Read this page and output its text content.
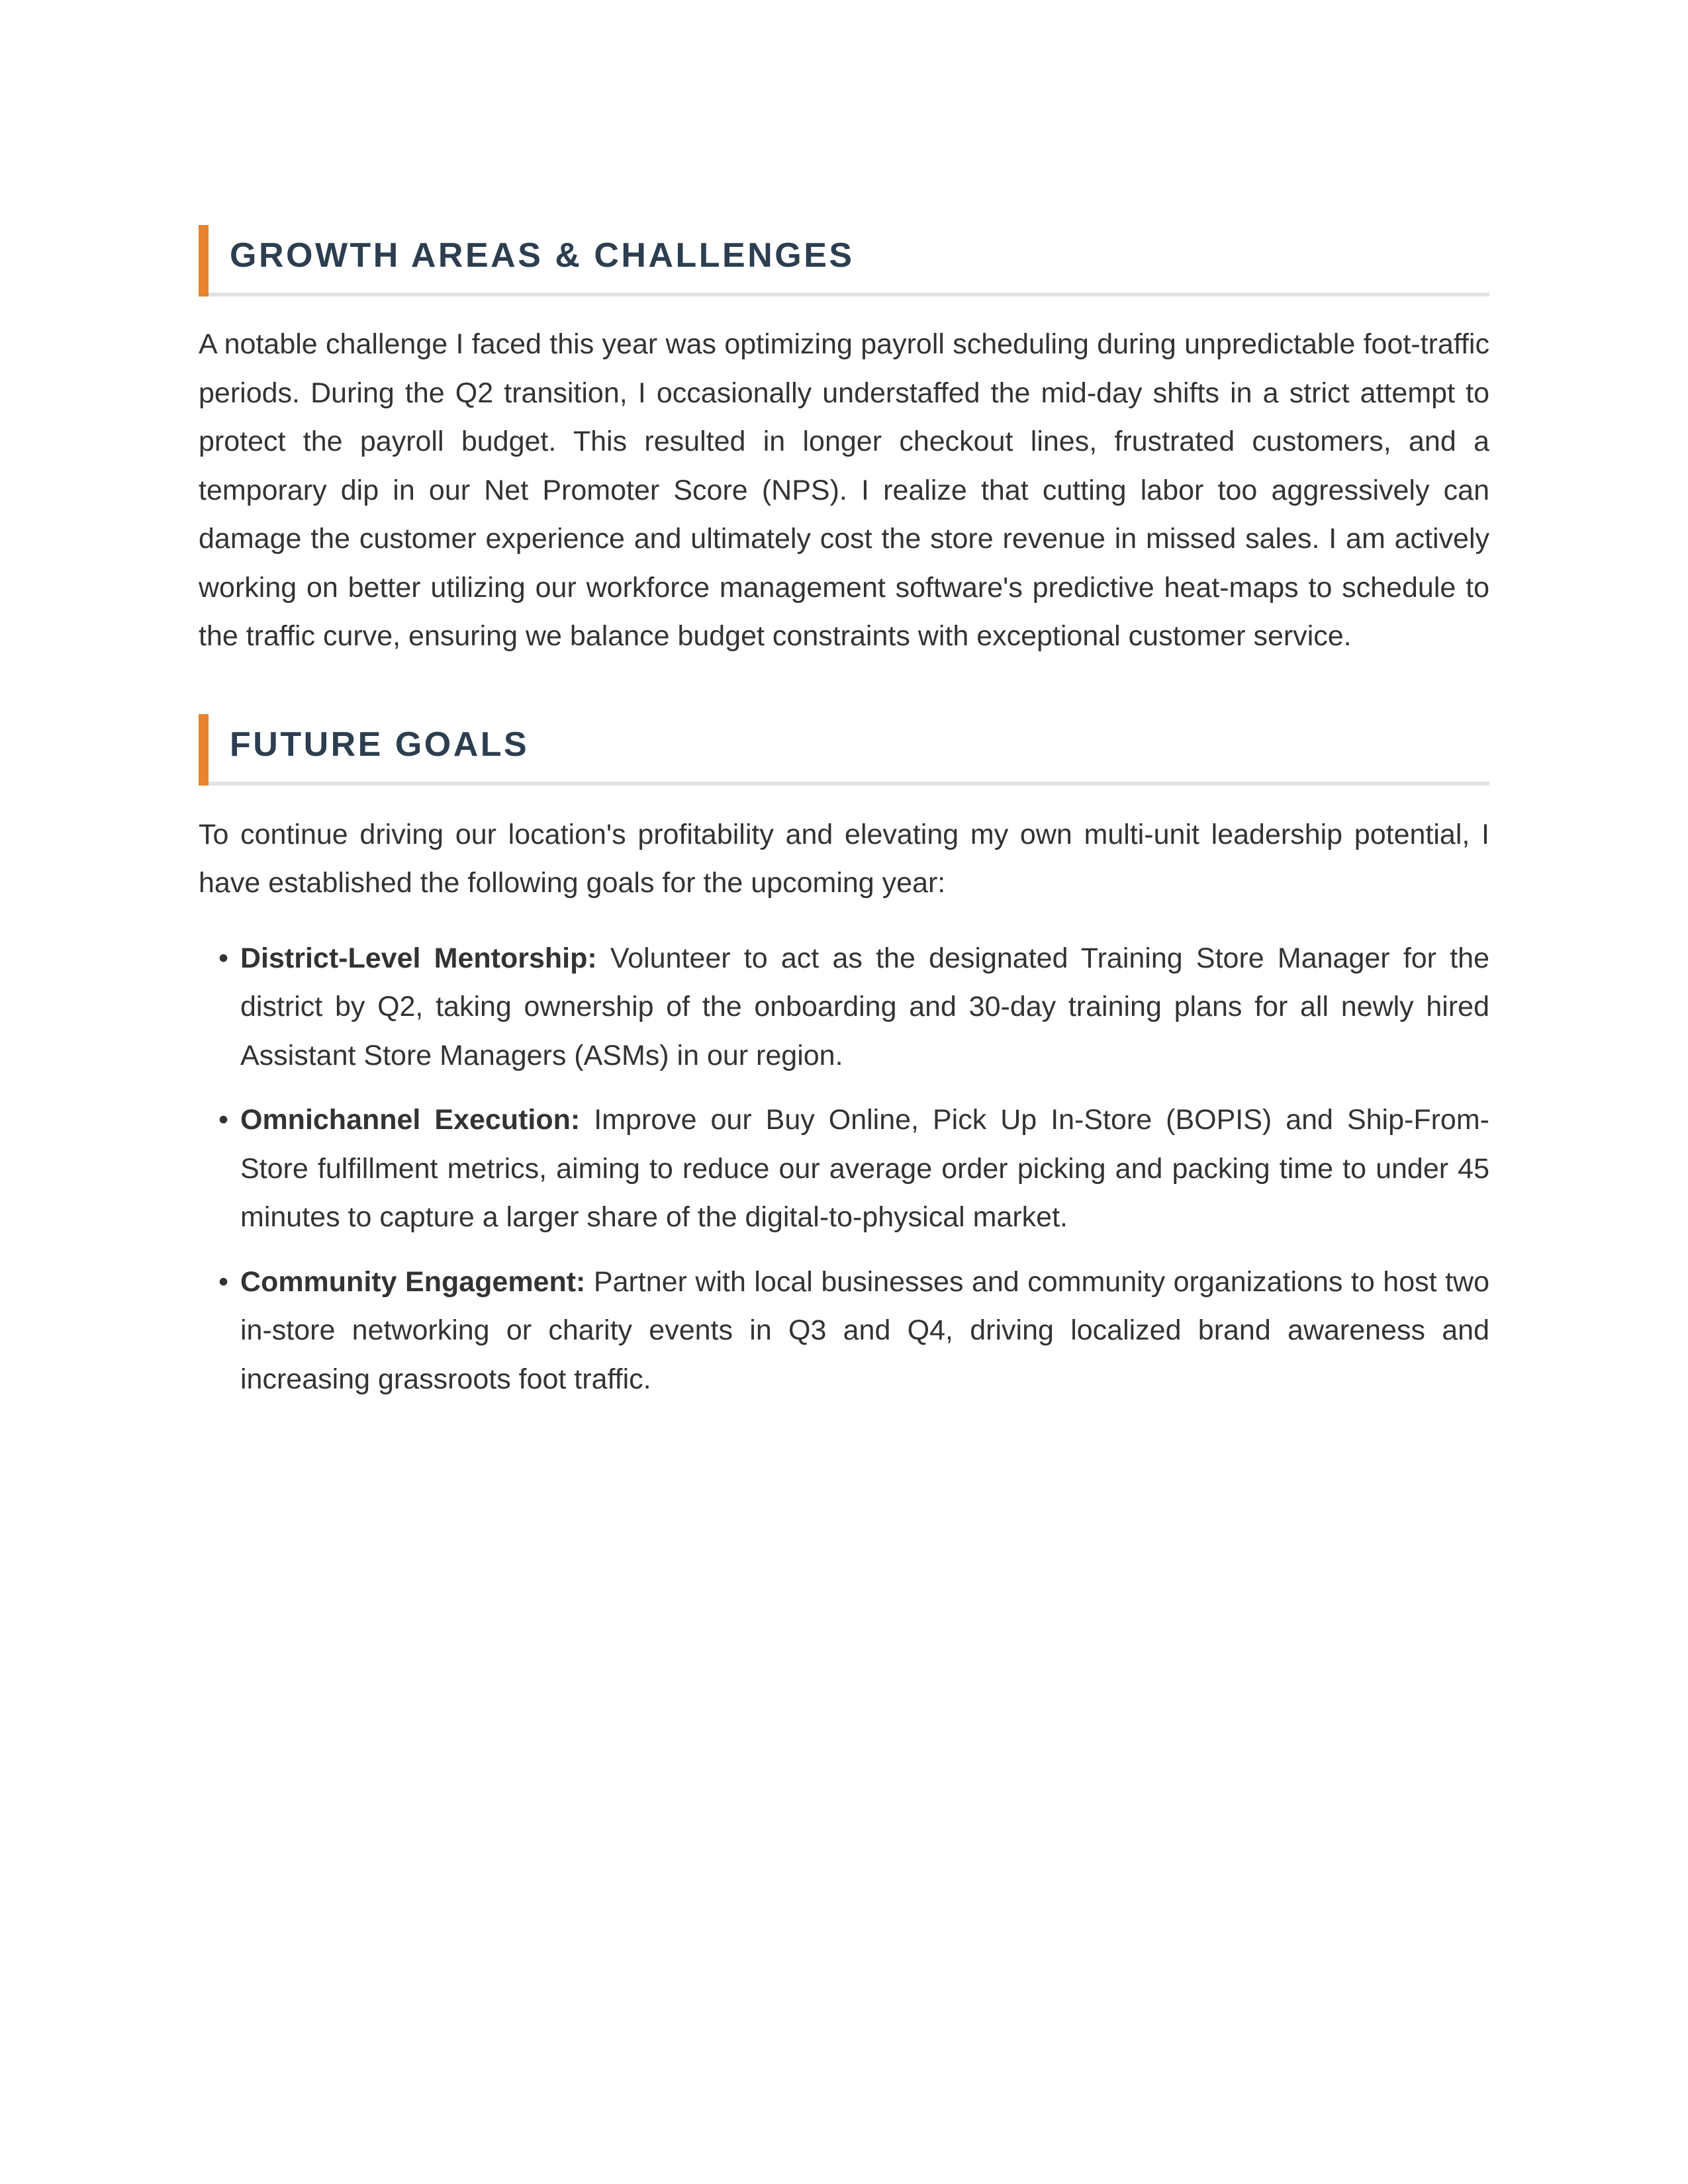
GROWTH AREAS & CHALLENGES

A notable challenge I faced this year was optimizing payroll scheduling during unpredictable foot-traffic periods. During the Q2 transition, I occasionally understaffed the mid-day shifts in a strict attempt to protect the payroll budget. This resulted in longer checkout lines, frustrated customers, and a temporary dip in our Net Promoter Score (NPS). I realize that cutting labor too aggressively can damage the customer experience and ultimately cost the store revenue in missed sales. I am actively working on better utilizing our workforce management software's predictive heat-maps to schedule to the traffic curve, ensuring we balance budget constraints with exceptional customer service.

FUTURE GOALS

To continue driving our location's profitability and elevating my own multi-unit leadership potential, I have established the following goals for the upcoming year:

• District-Level Mentorship: Volunteer to act as the designated Training Store Manager for the district by Q2, taking ownership of the onboarding and 30-day training plans for all newly hired Assistant Store Managers (ASMs) in our region.
• Omnichannel Execution: Improve our Buy Online, Pick Up In-Store (BOPIS) and Ship-From-Store fulfillment metrics, aiming to reduce our average order picking and packing time to under 45 minutes to capture a larger share of the digital-to-physical market.
• Community Engagement: Partner with local businesses and community organizations to host two in-store networking or charity events in Q3 and Q4, driving localized brand awareness and increasing grassroots foot traffic.
